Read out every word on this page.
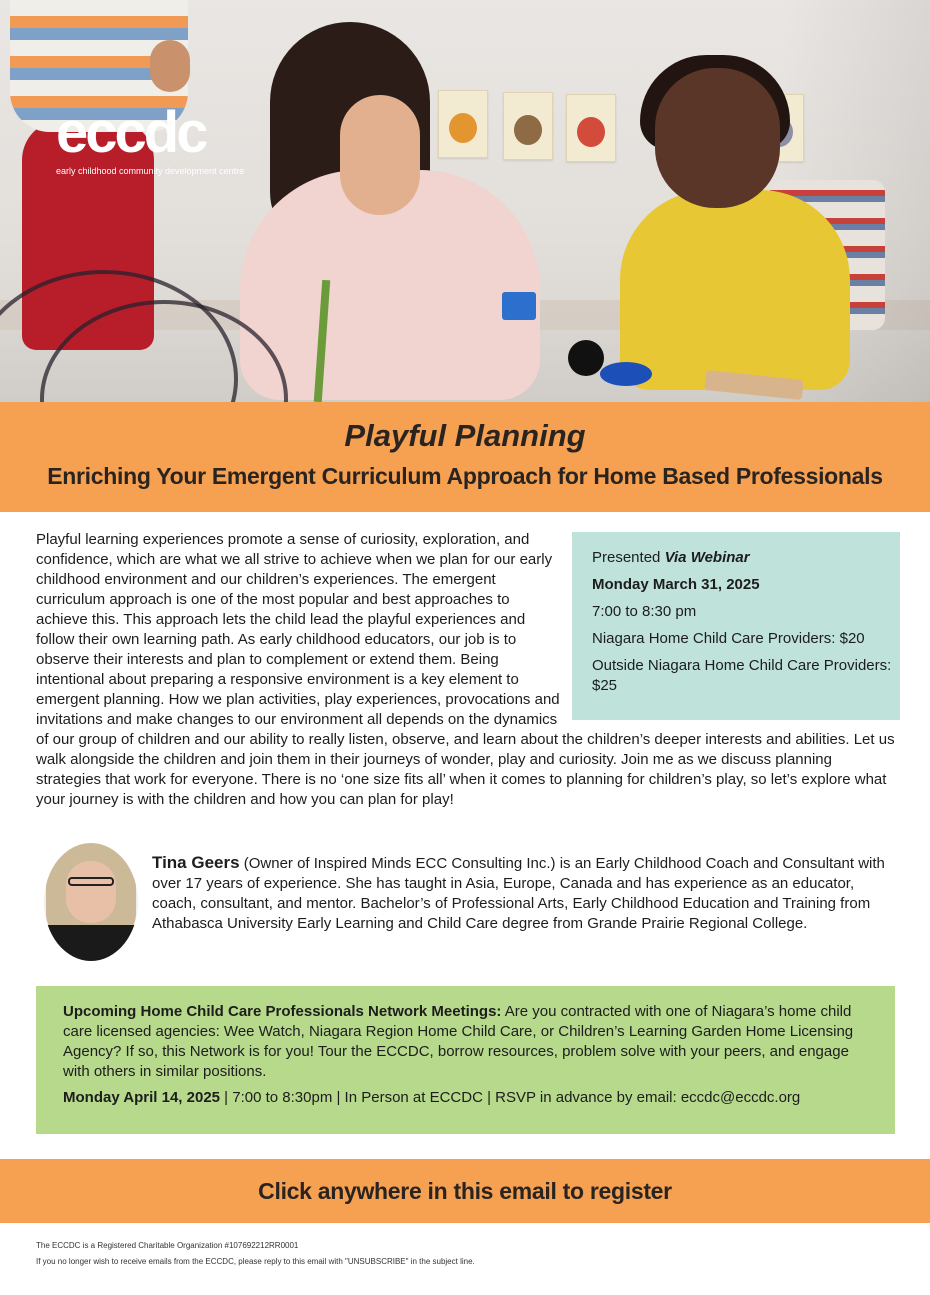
eccdc
early childhood community development centre
Playful Planning
Enriching Your Emergent Curriculum Approach for Home Based Professionals
Presented Via Webinar
Monday March 31, 2025
7:00 to 8:30 pm
Niagara Home Child Care Providers: $20
Outside Niagara Home Child Care Providers: $25
Playful learning experiences promote a sense of curiosity, exploration, and confidence, which are what we all strive to achieve when we plan for our early childhood environment and our children’s experiences. The emergent curriculum approach is one of the most popular and best approaches to achieve this. This approach lets the child lead the playful experiences and follow their own learning path. As early childhood educators, our job is to observe their interests and plan to complement or extend them. Being intentional about preparing a responsive environment is a key element to emergent planning. How we plan activities, play experiences, provocations and invitations and make changes to our environment all depends on the dynamics of our group of children and our ability to really listen, observe, and learn about the children’s deeper interests and abilities. Let us walk alongside the children and join them in their journeys of wonder, play and curiosity. Join me as we discuss planning strategies that work for everyone. There is no ‘one size fits all’ when it comes to planning for children’s play, so let’s explore what your journey is with the children and how you can plan for play!
Tina Geers (Owner of Inspired Minds ECC Consulting Inc.) is an Early Childhood Coach and Consultant with over 17 years of experience. She has taught in Asia, Europe, Canada and has experience as an educator, coach, consultant, and mentor. Bachelor’s of Professional Arts, Early Childhood Education and Training from Athabasca University Early Learning and Child Care degree from Grande Prairie Regional College.
Upcoming Home Child Care Professionals Network Meetings: Are you contracted with one of Niagara’s home child care licensed agencies: Wee Watch, Niagara Region Home Child Care, or Children’s Learning Garden Home Licensing Agency? If so, this Network is for you! Tour the ECCDC, borrow resources, problem solve with your peers, and engage with others in similar positions.
Monday April 14, 2025 | 7:00 to 8:30pm | In Person at ECCDC | RSVP in advance by email: eccdc@eccdc.org
Click anywhere in this email to register
The ECCDC is a Registered Charitable Organization #107692212RR0001
If you no longer wish to receive emails from the ECCDC, please reply to this email with "UNSUBSCRIBE" in the subject line.
